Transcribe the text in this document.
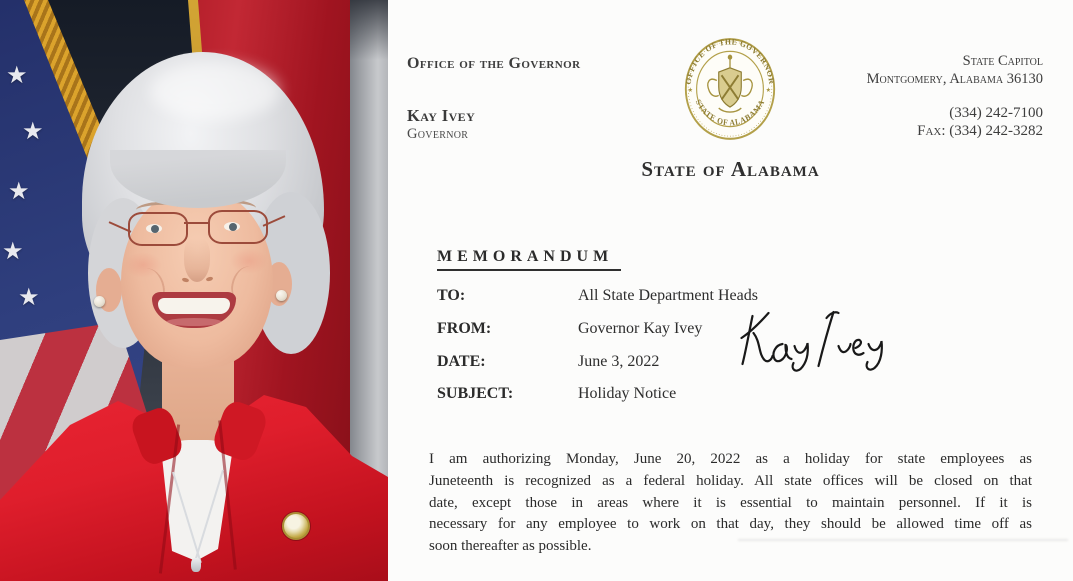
★
★
★
★
★
Office of the Governor
Kay Ivey
Governor
OFFICE OF THE GOVERNOR
STATE OF ALABAMA
★	★
State Capitol
Montgomery, Alabama 36130
(334) 242-7100
Fax: (334) 242-3282
State of Alabama
MEMORANDUM
TO:	All State Department Heads
FROM:	Governor Kay Ivey
DATE:	June 3, 2022
SUBJECT:	Holiday Notice
I am authorizing Monday, June 20, 2022 as a holiday for state employees as
Juneteenth is recognized as a federal holiday. All state offices will be closed on that
date, except those in areas where it is essential to maintain personnel. If it is
necessary for any employee to work on that day, they should be allowed time off as
soon thereafter as possible.
